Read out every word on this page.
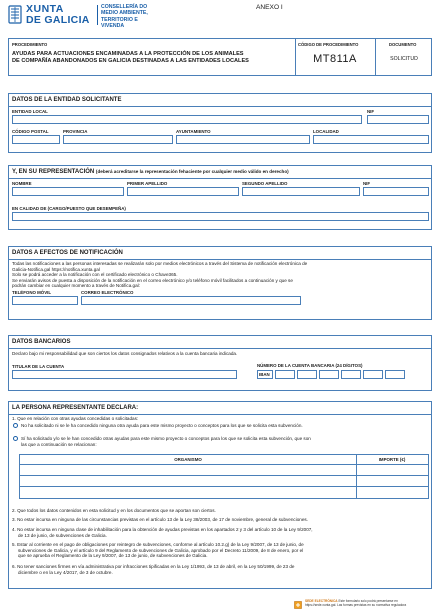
XUNTA
DE GALICIA
CONSELLERÍA DO
MEDIO AMBIENTE,
TERRITORIO E VIVENDA
ANEXO I
PROCEDIMIENTO
AYUDAS PARA ACTUACIONES ENCAMINADAS A LA PROTECCIÓN DE LOS ANIMALES
DE COMPAÑÍA ABANDONADOS EN GALICIA DESTINADAS A LAS ENTIDADES LOCALES
CÓDIGO DE PROCEDIMIENTO
MT811A
DOCUMENTO
SOLICITUD
DATOS DE LA ENTIDAD SOLICITANTE
ENTIDAD LOCAL	NIF
CÓDIGO POSTAL	PROVINCIA	AYUNTAMIENTO	LOCALIDAD
Y, EN SU REPRESENTACIÓN (deberá acreditarse la representación fehaciente por cualquier medio válido en derecho)
NOMBRE	PRIMER APELLIDO	SEGUNDO APELLIDO	NIF
EN CALIDAD DE (CARGO/PUESTO QUE DESEMPEÑA)
DATOS A EFECTOS DE NOTIFICACIÓN
Todas las notificaciones a las personas interesadas se realizarán solo por medios electrónicos a través del Sistema de notificación electrónica de
Galicia-Notifica.gal https://notifica.xunta.gal
Solo se podrá acceder a la notificación con el certificado electrónico o Chave365.
Se enviarán avisos de puesta a disposición de la notificación en el correo electrónico y/o teléfono móvil facilitados a continuación y que se
podrán cambiar en cualquier momento a través de Notifica.gal:
TELÉFONO MÓVIL	CORREO ELECTRÓNICO
DATOS BANCARIOS
Declaro bajo mi responsabilidad que son ciertos los datos consignados relativos a la cuenta bancaria indicada.
TITULAR DE LA CUENTA	NÚMERO DE LA CUENTA BANCARIA (24 DÍGITOS)
IBAN
LA PERSONA REPRESENTANTE DECLARA:
1. Que en relación con otras ayudas concedidas o solicitadas:
No ha solicitado ni se le ha concedido ninguna otra ayuda para este mismo proyecto o conceptos para los que se solicita esta subvención.
Sí ha solicitado y/o se le han concedido otras ayudas para este mismo proyecto o conceptos para los que se solicita esta subvención, que son
las que a continuación se relacionan:
ORGANISMO	IMPORTE (€)
2. Que todos los datos contenidos en esta solicitud y en los documentos que se aportan son ciertos.
3. No estar incursa en ninguna de las circunstancias previstas en el artículo 13 de la Ley 38/2003, de 17 de noviembre, general de subvenciones.
4. No estar incursa en ninguna clase de inhabilitación para la obtención de ayudas previstas en los apartados 2 y 3 del artículo 10 de la Ley 9/2007,
de 13 de junio, de subvenciones de Galicia.
5. Estar al corriente en el pago de obligaciones por reintegro de subvenciones, conforme al artículo 10.2.g) de la Ley 9/2007, de 13 de junio, de
subvenciones de Galicia, y el artículo 9 del Reglamento de subvenciones de Galicia, aprobado por el Decreto 11/2009, de 8 de enero, por el
que se aprueba el Reglamento de la Ley 9/2007, de 13 de junio, de subvenciones de Galicia.
6. No tener sanciones firmes en vía administrativa por infracciones tipificadas en la Ley 1/1993, de 13 de abril, en la Ley 50/1999, de 23 de
diciembre o en la Ley 4/2017, de 3 de octubre.
SEDE ELECTRÓNICA Este formulario solo podrá presentarse en
https://sede.xunta.gal. Las formas previstas en su normativa reguladora
